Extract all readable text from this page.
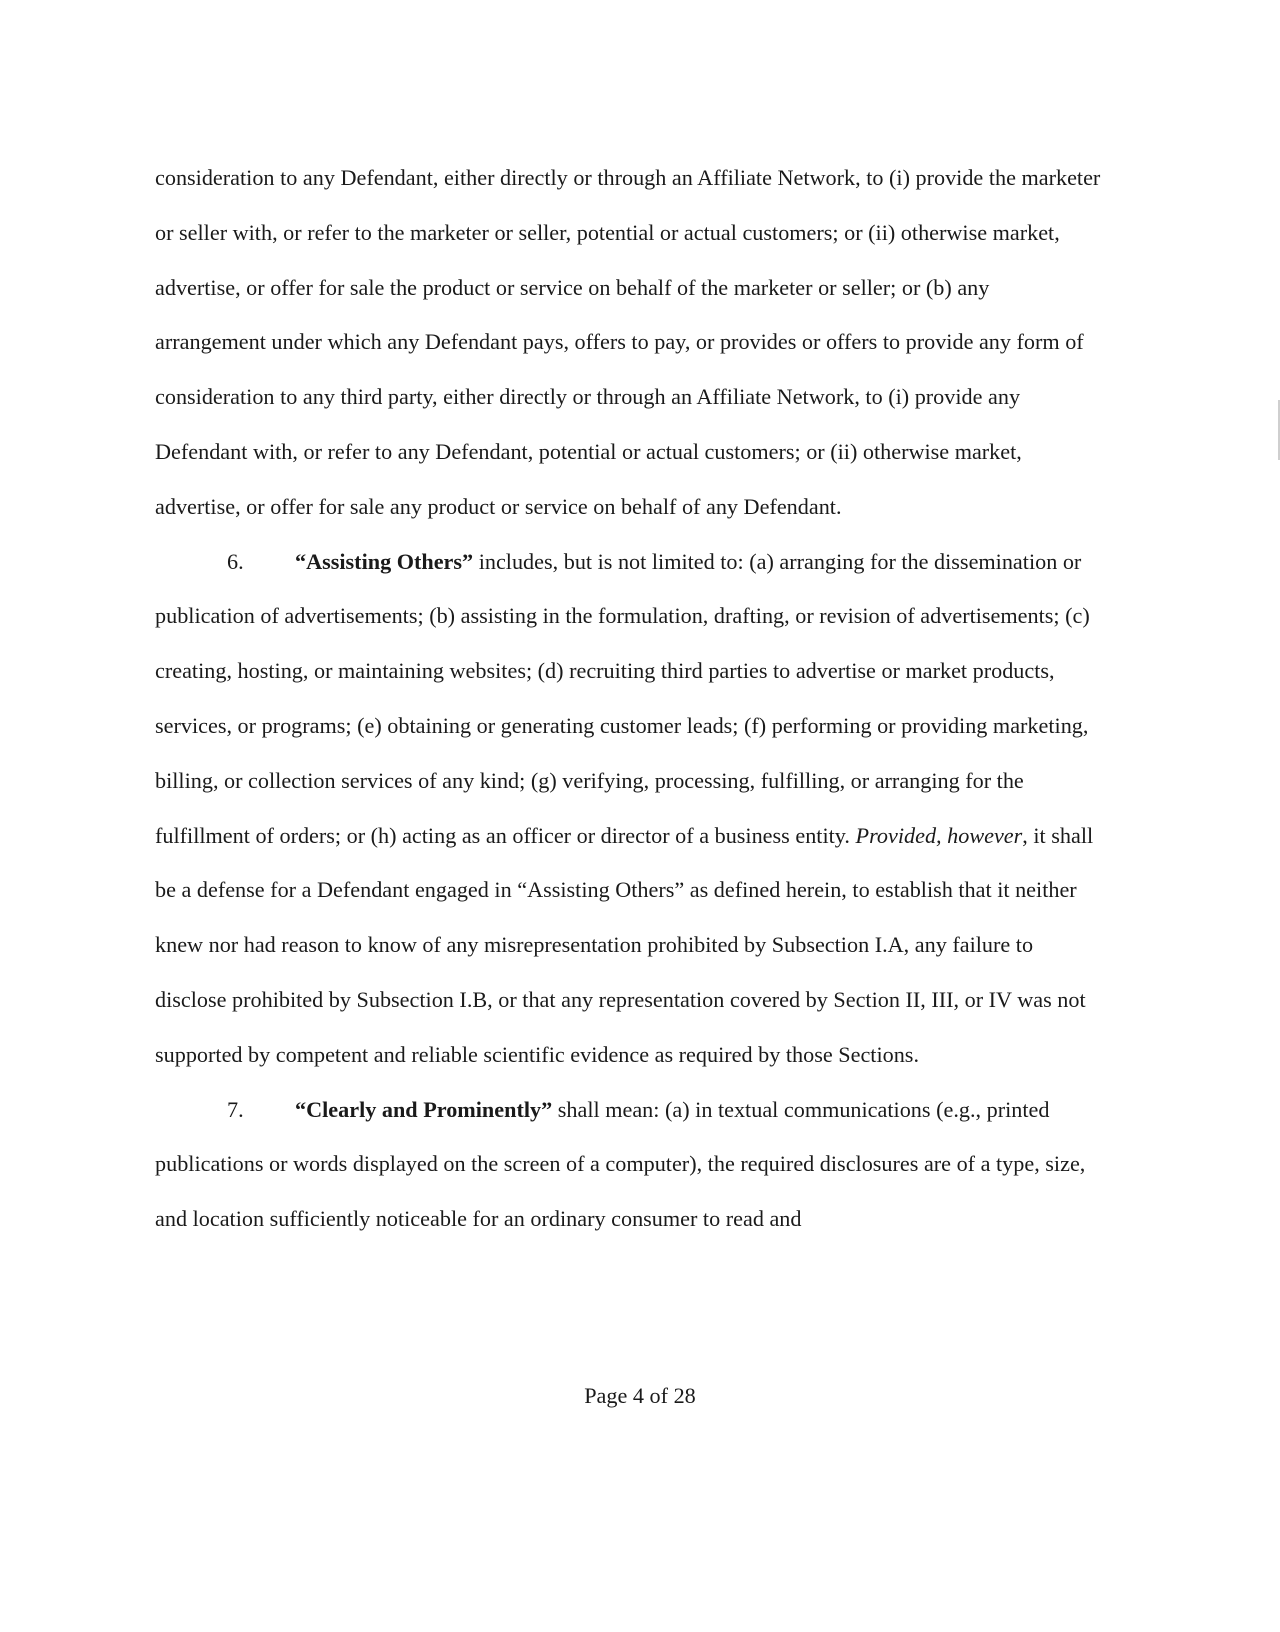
consideration to any Defendant, either directly or through an Affiliate Network, to (i) provide the marketer or seller with, or refer to the marketer or seller, potential or actual customers; or (ii) otherwise market, advertise, or offer for sale the product or service on behalf of the marketer or seller; or (b) any arrangement under which any Defendant pays, offers to pay, or provides or offers to provide any form of consideration to any third party, either directly or through an Affiliate Network, to (i) provide any Defendant with, or refer to any Defendant, potential or actual customers; or (ii) otherwise market, advertise, or offer for sale any product or service on behalf of any Defendant.

6. “Assisting Others” includes, but is not limited to: (a) arranging for the dissemination or publication of advertisements; (b) assisting in the formulation, drafting, or revision of advertisements; (c) creating, hosting, or maintaining websites; (d) recruiting third parties to advertise or market products, services, or programs; (e) obtaining or generating customer leads; (f) performing or providing marketing, billing, or collection services of any kind; (g) verifying, processing, fulfilling, or arranging for the fulfillment of orders; or (h) acting as an officer or director of a business entity. Provided, however, it shall be a defense for a Defendant engaged in “Assisting Others” as defined herein, to establish that it neither knew nor had reason to know of any misrepresentation prohibited by Subsection I.A, any failure to disclose prohibited by Subsection I.B, or that any representation covered by Section II, III, or IV was not supported by competent and reliable scientific evidence as required by those Sections.

7. “Clearly and Prominently” shall mean: (a) in textual communications (e.g., printed publications or words displayed on the screen of a computer), the required disclosures are of a type, size, and location sufficiently noticeable for an ordinary consumer to read and

Page 4 of 28
